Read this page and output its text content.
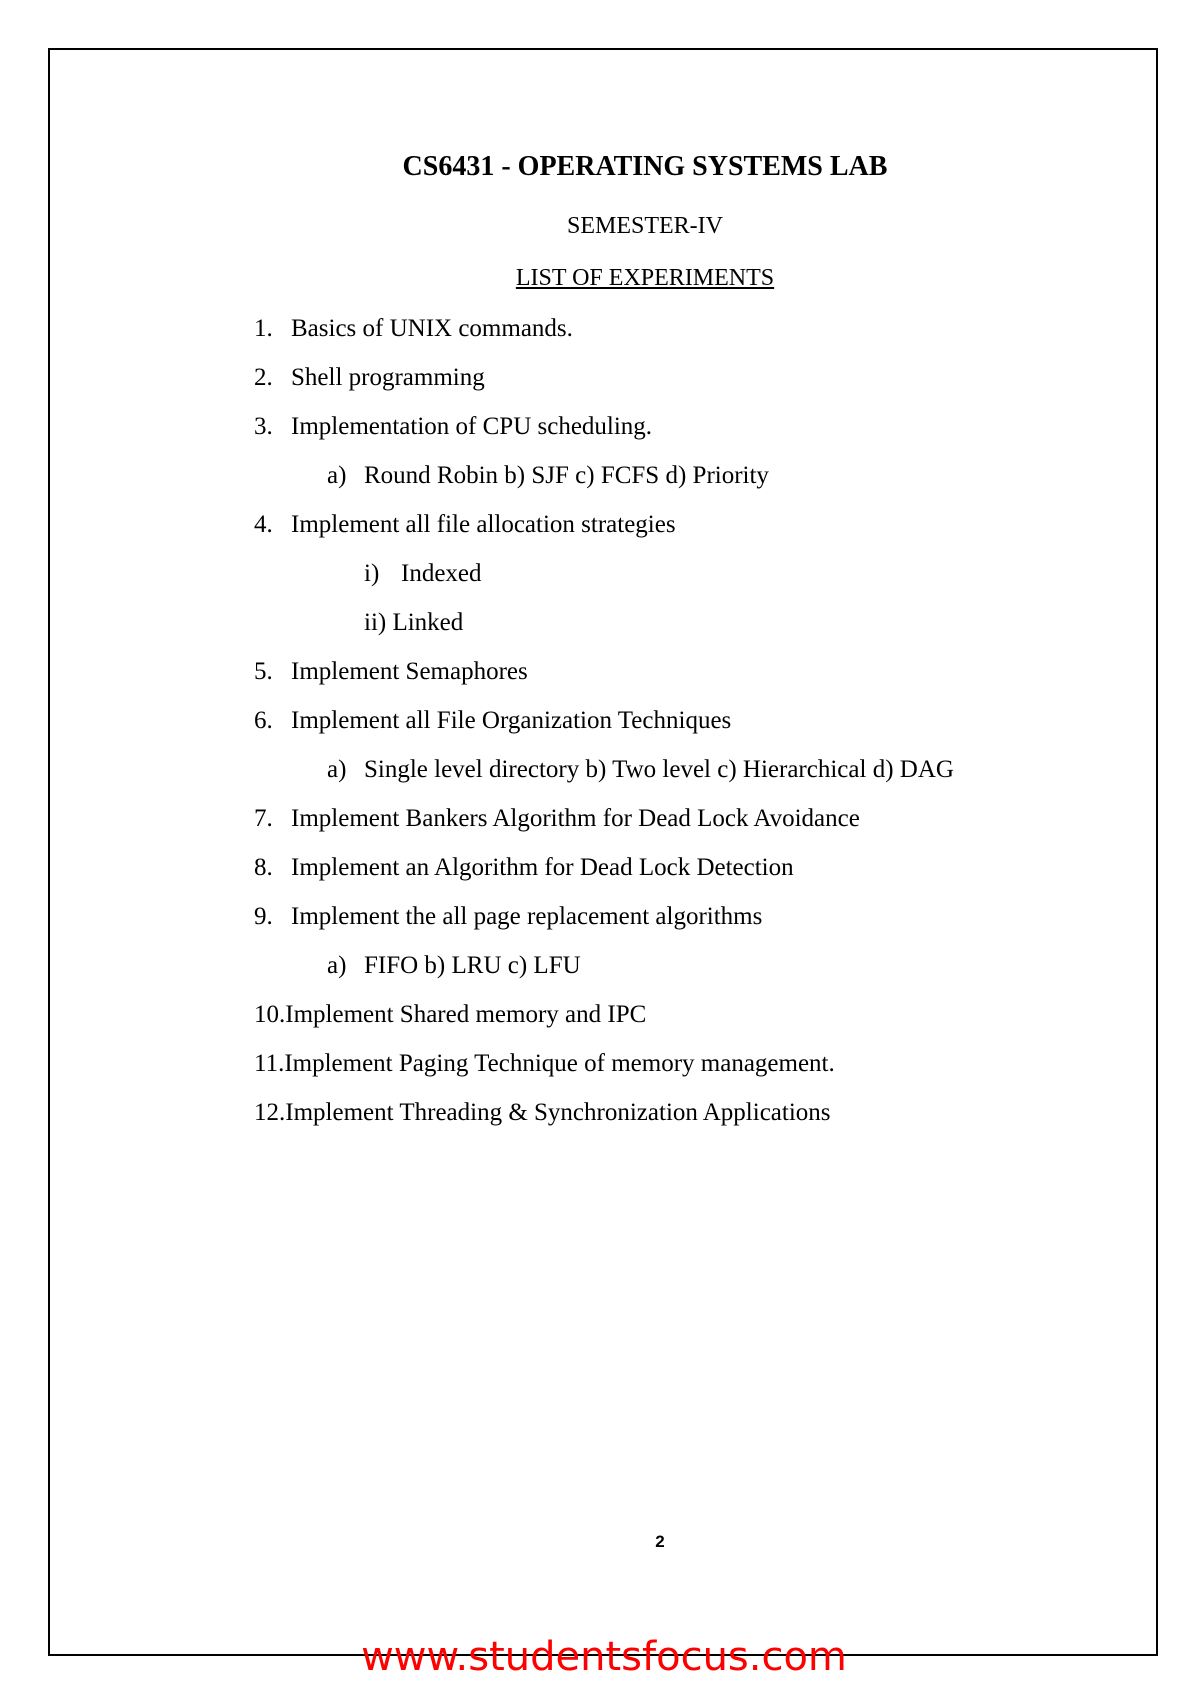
CS6431 - OPERATING SYSTEMS LAB
SEMESTER-IV
LIST OF EXPERIMENTS
1. Basics of UNIX commands.
2. Shell programming
3. Implementation of CPU scheduling.
a) Round Robin b) SJF c) FCFS d) Priority
4. Implement all file allocation strategies
i) Indexed
ii) Linked
5. Implement Semaphores
6. Implement all File Organization Techniques
a) Single level directory b) Two level c) Hierarchical d) DAG
7. Implement Bankers Algorithm for Dead Lock Avoidance
8. Implement an Algorithm for Dead Lock Detection
9. Implement the all page replacement algorithms
a) FIFO b) LRU c) LFU
10.Implement Shared memory and IPC
11.Implement Paging Technique of memory management.
12.Implement Threading & Synchronization Applications
2
www.studentsfocus.com
